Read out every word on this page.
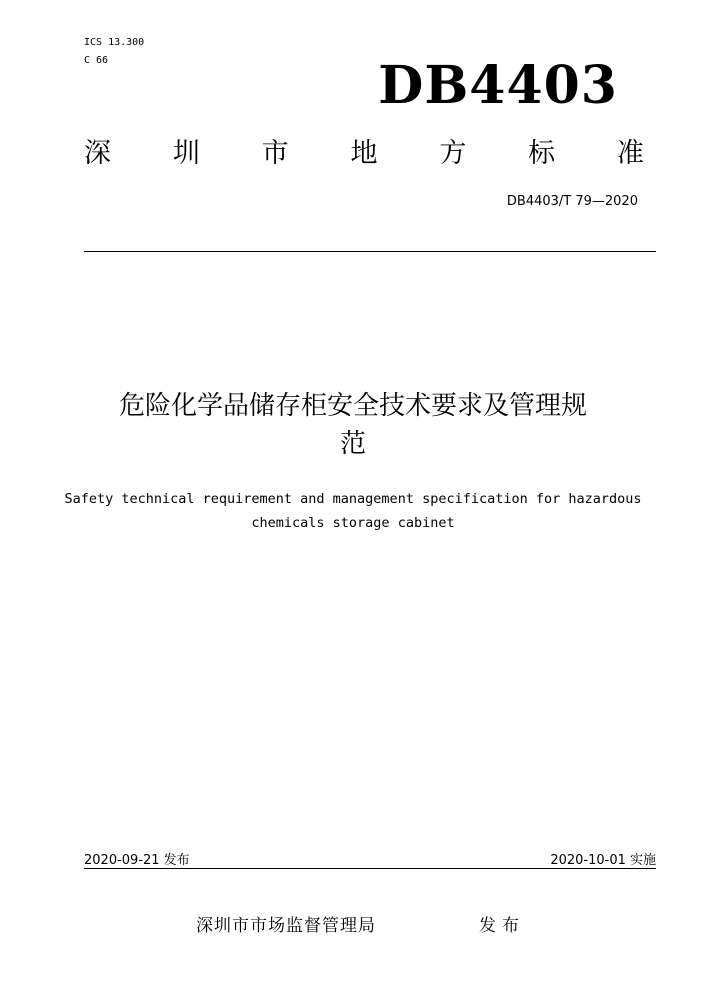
ICS 13.300
C 66	DB4403
深 圳 市 地 方 标 准
DB4403/T 79—2020
危险化学品储存柜安全技术要求及管理规
范
Safety technical requirement and management specification for hazardous
chemicals storage cabinet
2020-09-21 发布	2020-10-01 实施
深圳市市场监督管理局	发布
